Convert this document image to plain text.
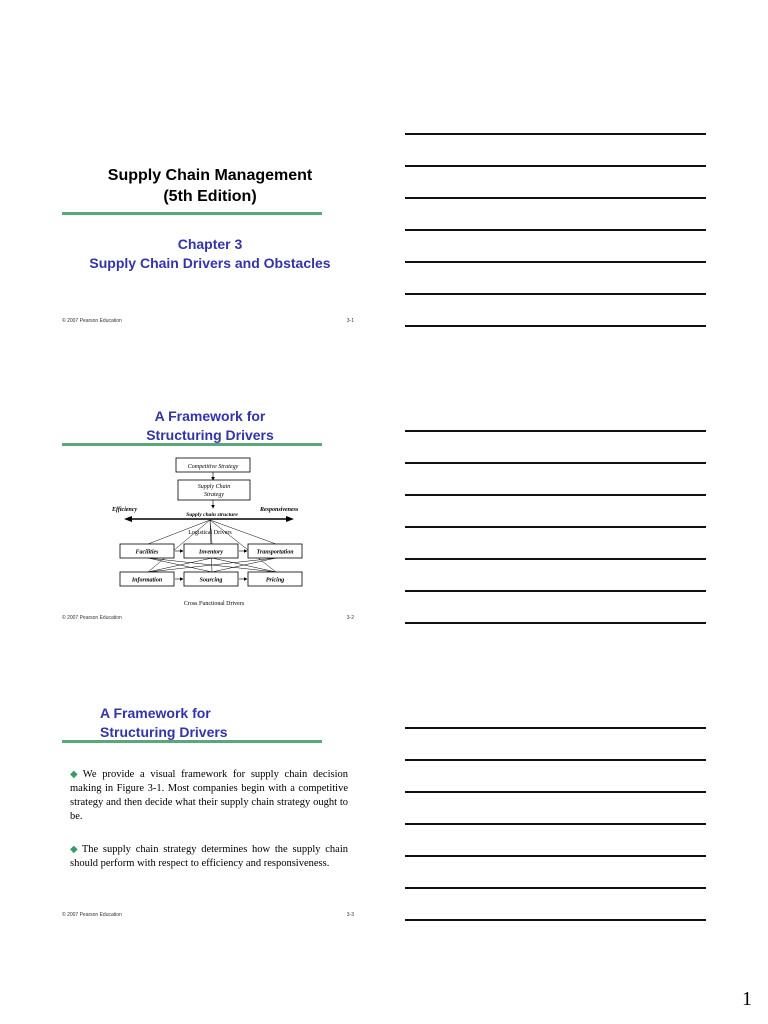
Supply Chain Management
(5th Edition)
Chapter 3
Supply Chain Drivers and Obstacles
© 2007 Pearson Education	3-1
A Framework for
Structuring Drivers
Competitive Strategy
Supply Chain
Strategy
Efficiency	Responsiveness
Supply chain structure
Logistical Drivers
Facilities	Inventory	Transportation
Information	Sourcing	Pricing
Cross Functional Drivers
© 2007 Pearson Education	3-2
A Framework for
Structuring Drivers
◆ We provide a visual framework for supply chain decision making in Figure 3-1. Most companies begin with a competitive strategy and then decide what their supply chain strategy ought to be.
◆ The supply chain strategy determines how the supply chain should perform with respect to efficiency and responsiveness.
© 2007 Pearson Education	3-3
1
